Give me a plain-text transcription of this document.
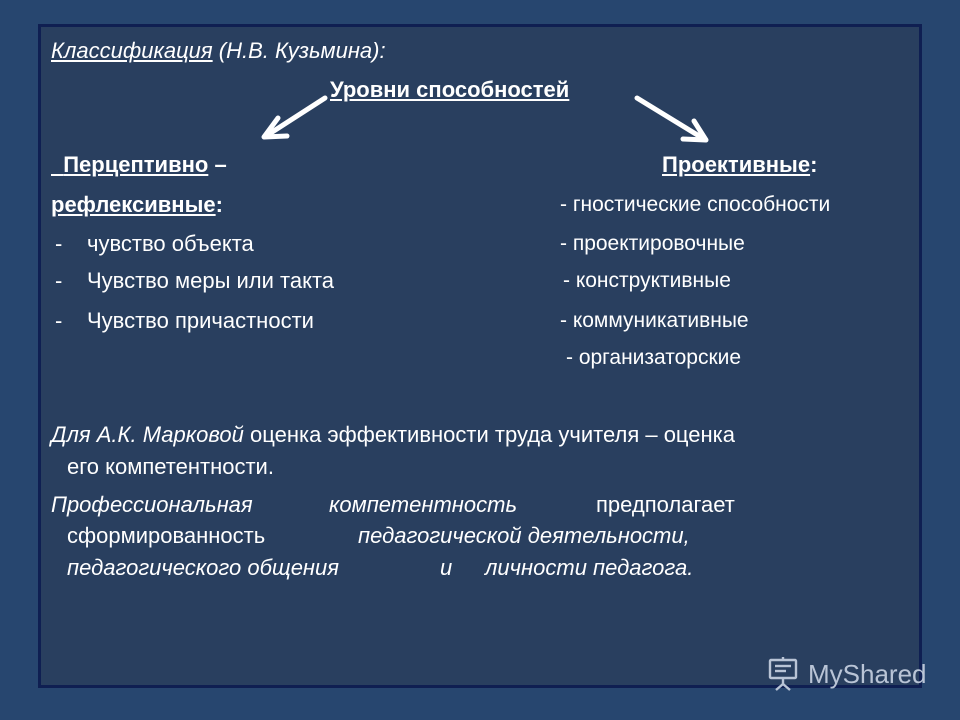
Классификация (Н.В. Кузьмина):
Уровни способностей
Перцептивно –
рефлексивные:
- чувство объекта
- Чувство меры или такта
- Чувство причастности
Проективные:
- гностические способности
- проектировочные
- конструктивные
- коммуникативные
- организаторские
Для А.К. Марковой оценка эффективности труда учителя – оценка
его компетентности.
Профессиональная	компетентность	предполагает
сформированность	педагогической деятельности,
педагогического общения	и личности педагога.
MyShared
